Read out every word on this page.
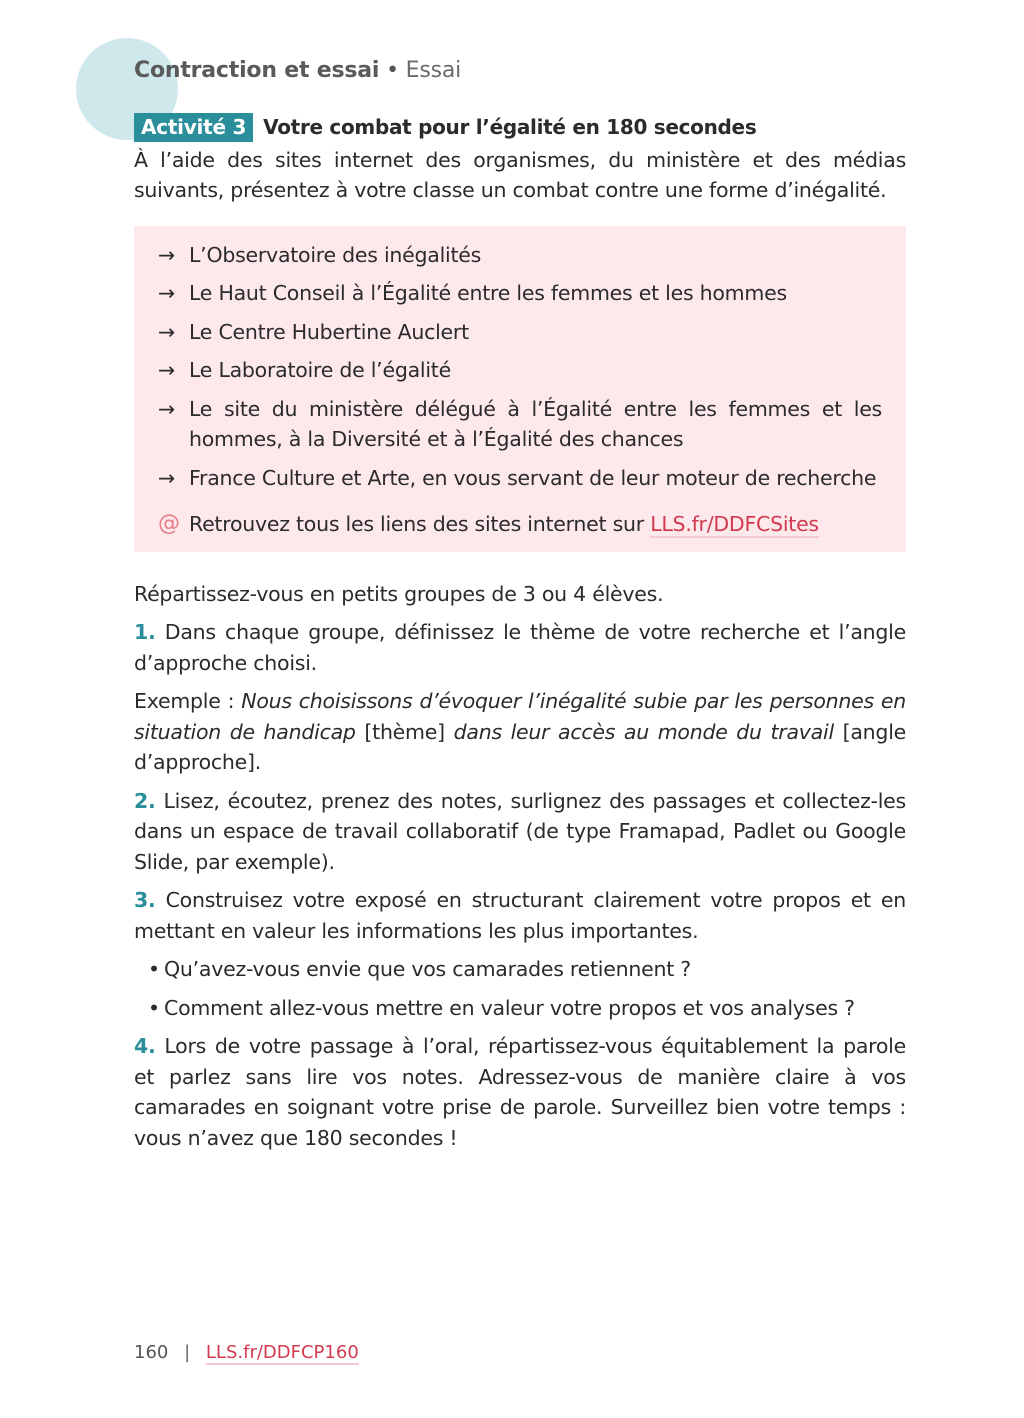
Contraction et essai • Essai
Activité 3 Votre combat pour l’égalité en 180 secondes

À l’aide des sites internet des organismes, du ministère et des médias suivants, présentez à votre classe un combat contre une forme d’inégalité.

→ L’Observatoire des inégalités
→ Le Haut Conseil à l’Égalité entre les femmes et les hommes
→ Le Centre Hubertine Auclert
→ Le Laboratoire de l’égalité
→ Le site du ministère délégué à l’Égalité entre les femmes et les hommes, à la Diversité et à l’Égalité des chances
→ France Culture et Arte, en vous servant de leur moteur de recherche
@ Retrouvez tous les liens des sites internet sur LLS.fr/DDFCSites

Répartissez-vous en petits groupes de 3 ou 4 élèves.

1. Dans chaque groupe, définissez le thème de votre recherche et l’angle d’approche choisi.

Exemple : Nous choisissons d’évoquer l’inégalité subie par les personnes en situation de handicap [thème] dans leur accès au monde du travail [angle d’approche].

2. Lisez, écoutez, prenez des notes, surlignez des passages et collectez-les dans un espace de travail collaboratif (de type Framapad, Padlet ou Google Slide, par exemple).

3. Construisez votre exposé en structurant clairement votre propos et en mettant en valeur les informations les plus importantes.

• Qu’avez-vous envie que vos camarades retiennent ?
• Comment allez-vous mettre en valeur votre propos et vos analyses ?

4. Lors de votre passage à l’oral, répartissez-vous équitablement la parole et parlez sans lire vos notes. Adressez-vous de manière claire à vos camarades en soignant votre prise de parole. Surveillez bien votre temps : vous n’avez que 180 secondes !

160 | LLS.fr/DDFCP160
